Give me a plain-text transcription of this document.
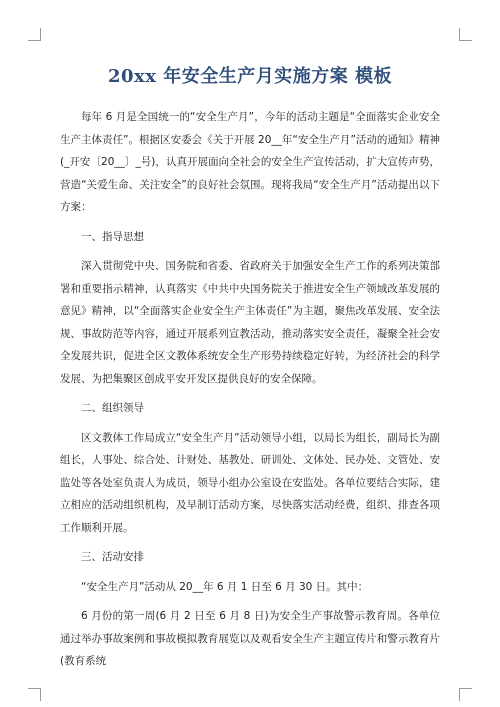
20xx 年安全生产月实施方案 模板

每年 6 月是全国统一的“安全生产月”，今年的活动主题是“全面落实企业安全生产主体责任”。根据区安委会《关于开展 20__年“安全生产月”活动的通知》精神(_开安〔20__〕_号)，认真开展面向全社会的安全生产宣传活动，扩大宣传声势，营造“关爱生命、关注安全”的良好社会氛围。现将我局“安全生产月”活动提出以下方案：

一、指导思想

深入贯彻党中央、国务院和省委、省政府关于加强安全生产工作的系列决策部署和重要指示精神，认真落实《中共中央国务院关于推进安全生产领域改革发展的意见》精神，以“全面落实企业安全生产主体责任”为主题，聚焦改革发展、安全法规、事故防范等内容，通过开展系列宣教活动，推动落实安全责任，凝聚全社会安全发展共识，促进全区文教体系统安全生产形势持续稳定好转，为经济社会的科学发展、为把集聚区创成平安开发区提供良好的安全保障。

二、组织领导

区文教体工作局成立“安全生产月”活动领导小组，以局长为组长，副局长为副组长，人事处、综合处、计财处、基教处、研训处、文体处、民办处、文管处、安监处等各处室负责人为成员，领导小组办公室设在安监处。各单位要结合实际，建立相应的活动组织机构，及早制订活动方案，尽快落实活动经费，组织、排查各项工作顺利开展。

三、活动安排

“安全生产月”活动从 20__年 6 月 1 日至 6 月 30 日。其中：

6 月份的第一周(6 月 2 日至 6 月 8 日)为安全生产事故警示教育周。各单位通过举办事故案例和事故模拟教育展览以及观看安全生产主题宣传片和警示教育片(教育系统
